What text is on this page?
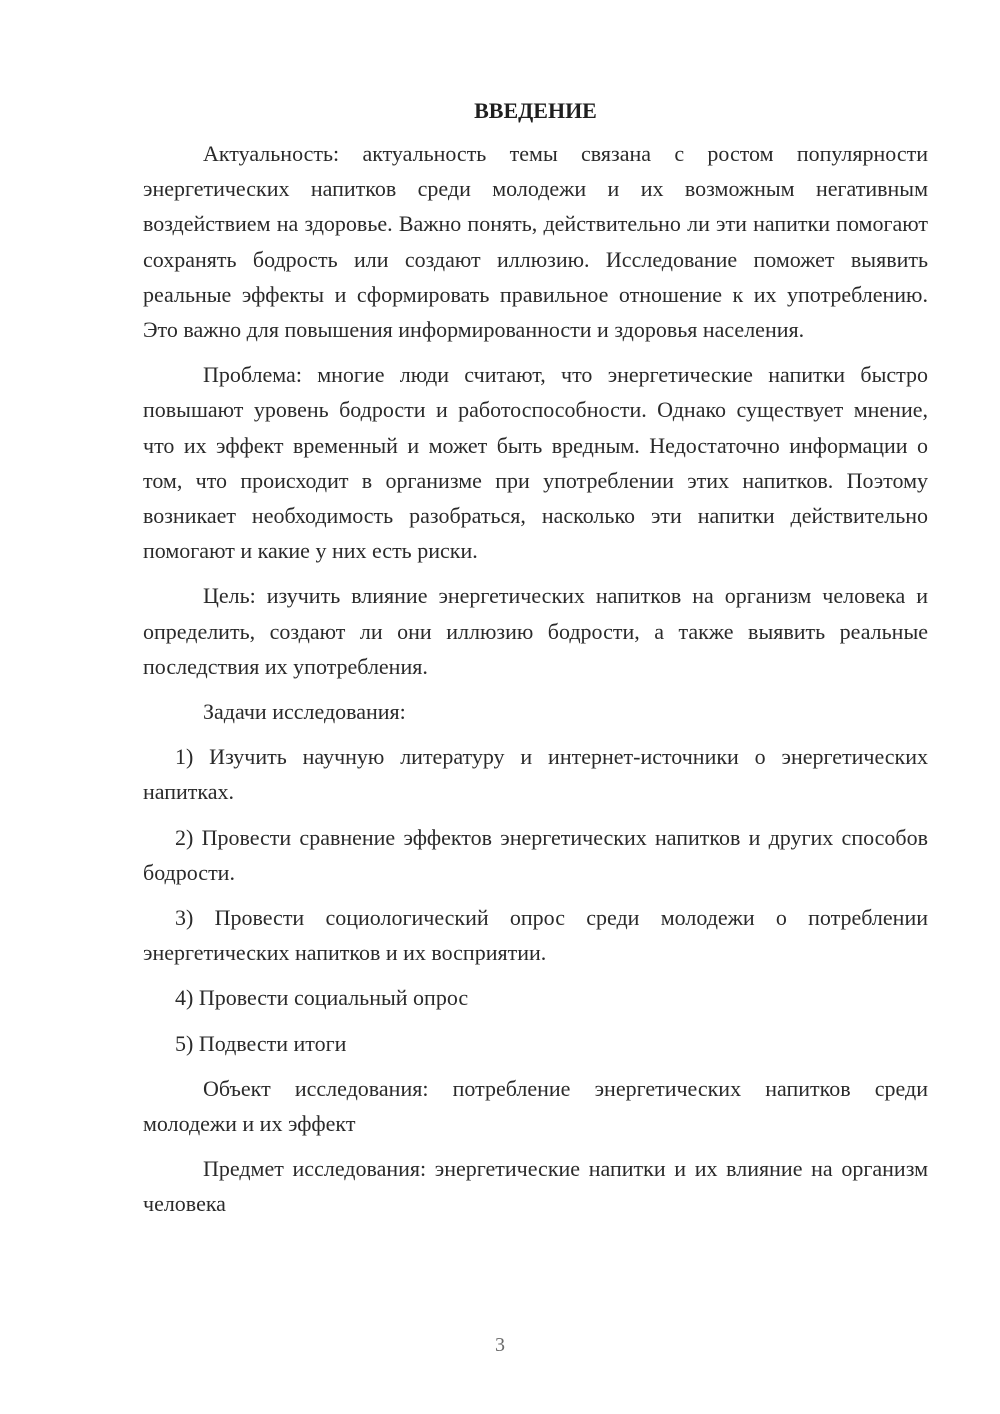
ВВЕДЕНИЕ

Актуальность: актуальность темы связана с ростом популярности энергетических напитков среди молодежи и их возможным негативным воздействием на здоровье. Важно понять, действительно ли эти напитки помогают сохранять бодрость или создают иллюзию. Исследование поможет выявить реальные эффекты и сформировать правильное отношение к их употреблению. Это важно для повышения информированности и здоровья населения.

Проблема: многие люди считают, что энергетические напитки быстро повышают уровень бодрости и работоспособности. Однако существует мнение, что их эффект временный и может быть вредным. Недостаточно информации о том, что происходит в организме при употреблении этих напитков. Поэтому возникает необходимость разобраться, насколько эти напитки действительно помогают и какие у них есть риски.

Цель: изучить влияние энергетических напитков на организм человека и определить, создают ли они иллюзию бодрости, а также выявить реальные последствия их употребления.

Задачи исследования:

1) Изучить научную литературу и интернет-источники о энергетических напитках.

2) Провести сравнение эффектов энергетических напитков и других способов бодрости.

3) Провести социологический опрос среди молодежи о потреблении энергетических напитков и их восприятии.

4) Провести социальный опрос

5) Подвести итоги

Объект исследования: потребление энергетических напитков среди молодежи и их эффект

Предмет исследования: энергетические напитки и их влияние на организм человека

3
